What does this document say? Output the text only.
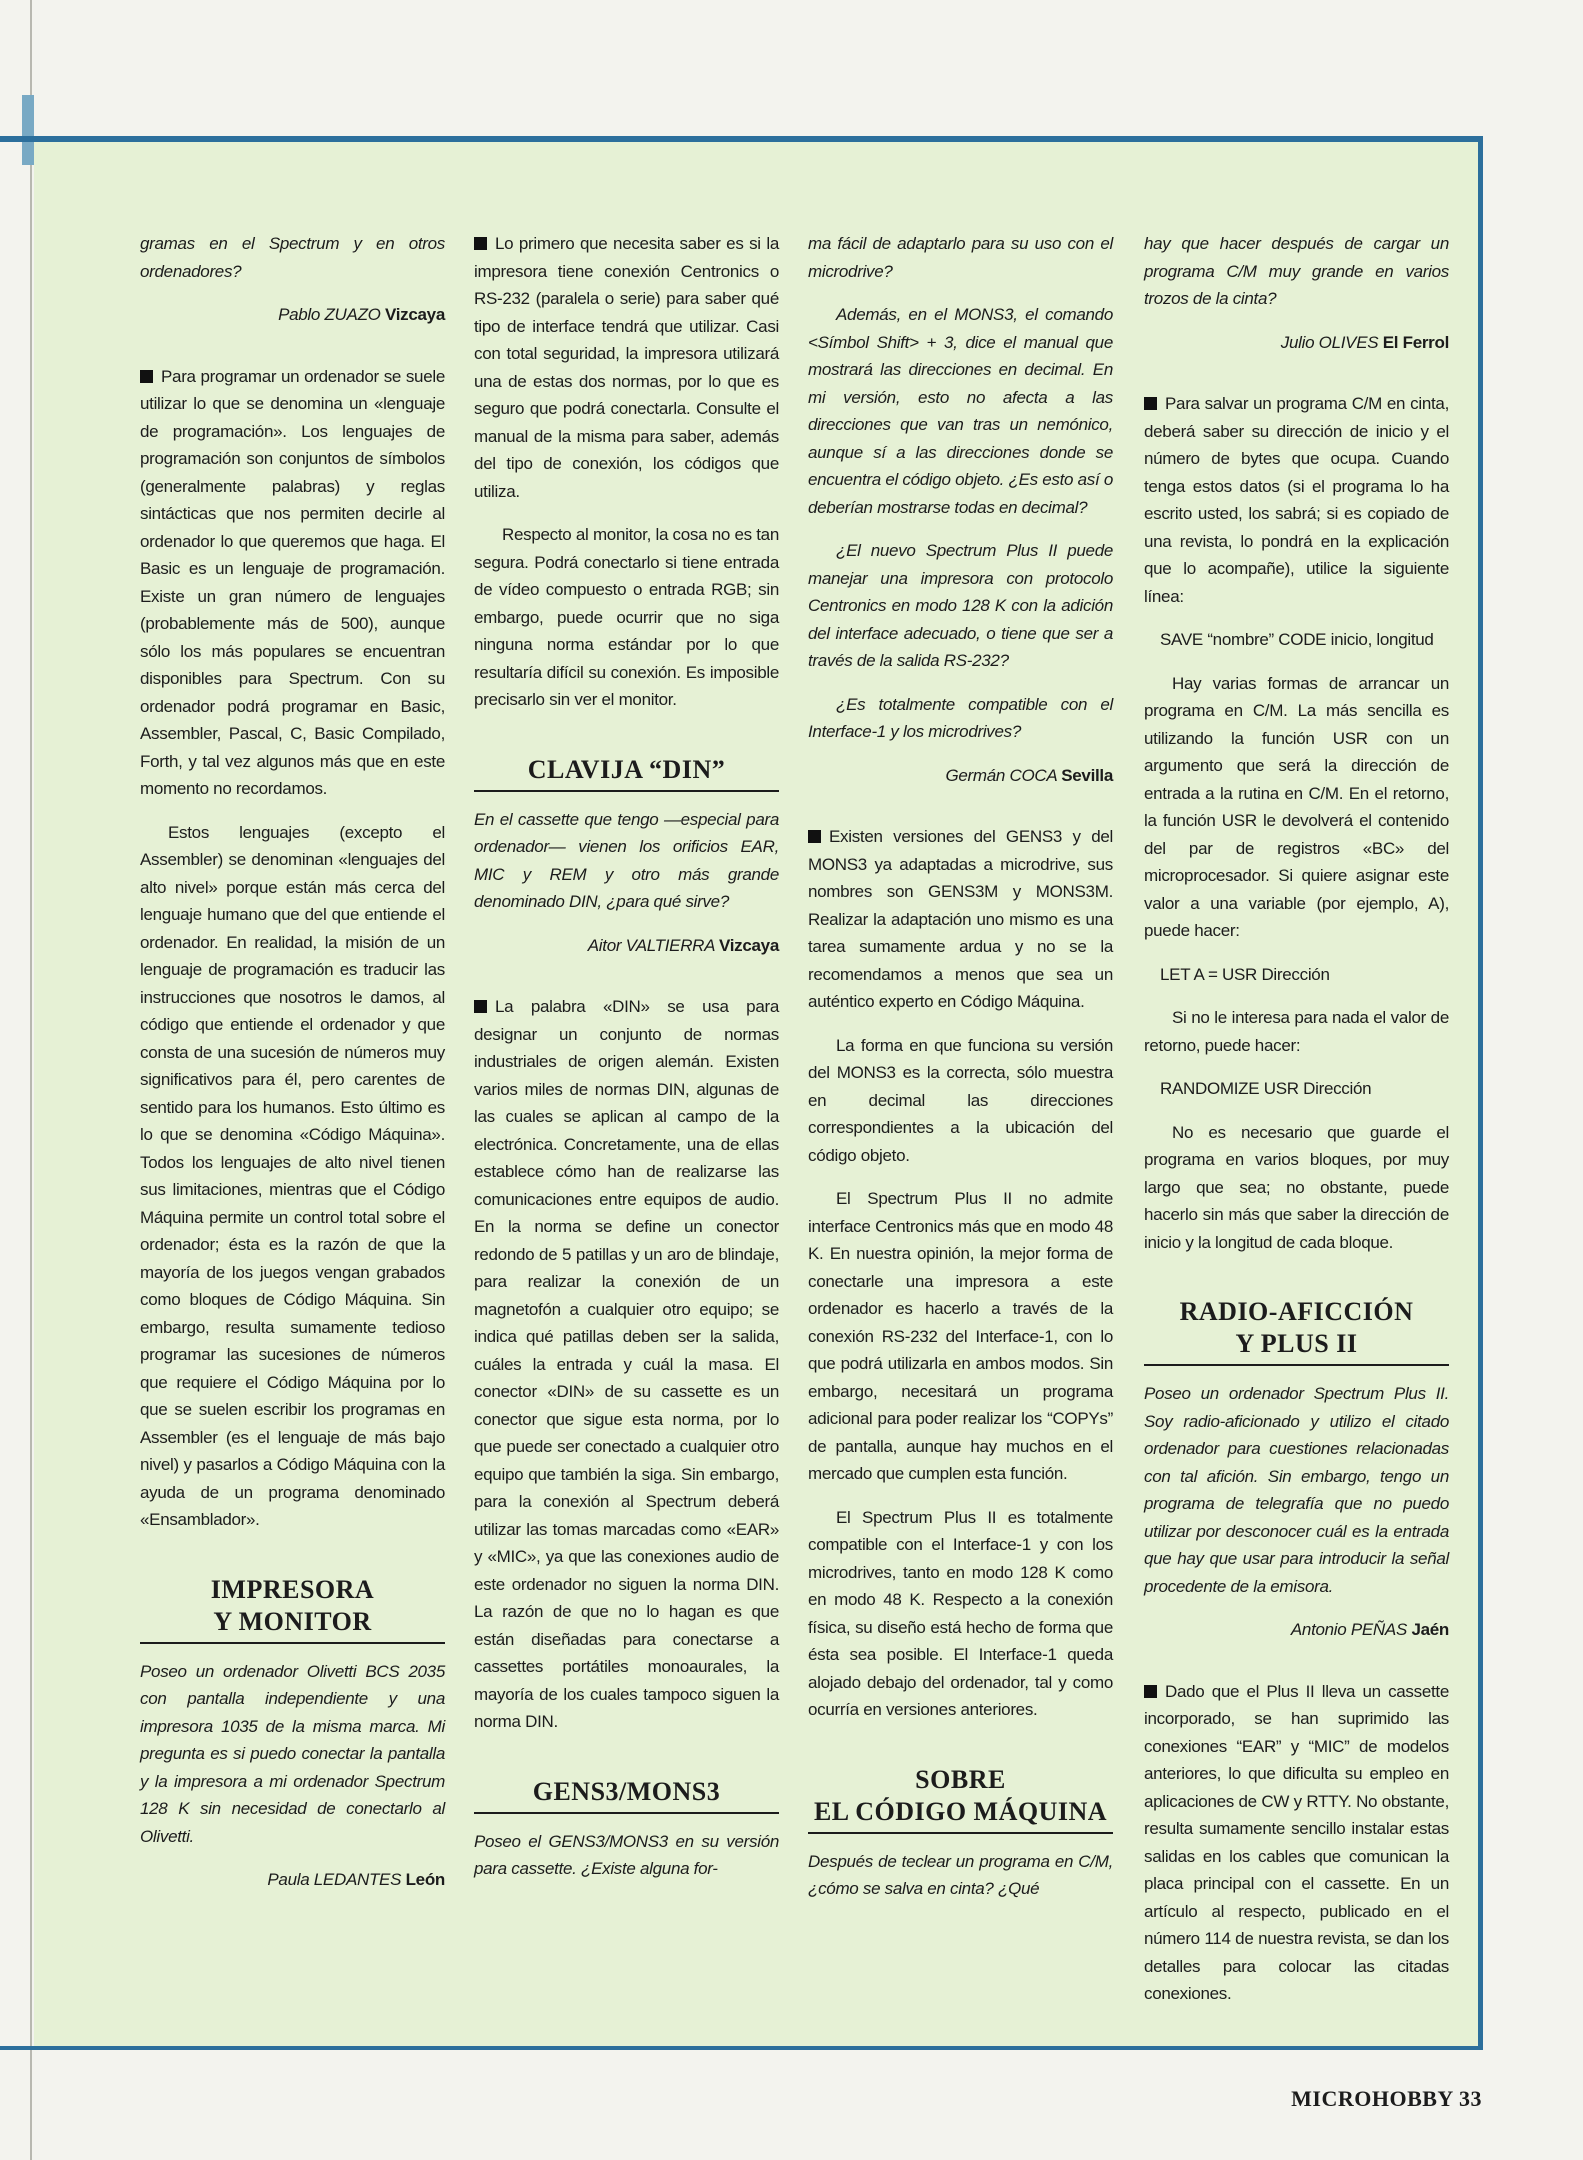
gramas en el Spectrum y en otros ordenadores?

Pablo ZUAZO Vizcaya

Para programar un ordenador se suele utilizar lo que se denomina un «lenguaje de programación». Los lenguajes de programación son conjuntos de símbolos (generalmente palabras) y reglas sintácticas que nos permiten decirle al ordenador lo que queremos que haga. El Basic es un lenguaje de programación. Existe un gran número de lenguajes (probablemente más de 500), aunque sólo los más populares se encuentran disponibles para Spectrum. Con su ordenador podrá programar en Basic, Assembler, Pascal, C, Basic Compilado, Forth, y tal vez algunos más que en este momento no recordamos.

Estos lenguajes (excepto el Assembler) se denominan «lenguajes del alto nivel» porque están más cerca del lenguaje humano que del que entiende el ordenador. En realidad, la misión de un lenguaje de programación es traducir las instrucciones que nosotros le damos, al código que entiende el ordenador y que consta de una sucesión de números muy significativos para él, pero carentes de sentido para los humanos. Esto último es lo que se denomina «Código Máquina». Todos los lenguajes de alto nivel tienen sus limitaciones, mientras que el Código Máquina permite un control total sobre el ordenador; ésta es la razón de que la mayoría de los juegos vengan grabados como bloques de Código Máquina. Sin embargo, resulta sumamente tedioso programar las sucesiones de números que requiere el Código Máquina por lo que se suelen escribir los programas en Assembler (es el lenguaje de más bajo nivel) y pasarlos a Código Máquina con la ayuda de un programa denominado «Ensamblador».

IMPRESORA
Y MONITOR

Poseo un ordenador Olivetti BCS 2035 con pantalla independiente y una impresora 1035 de la misma marca. Mi pregunta es si puedo conectar la pantalla y la impresora a mi ordenador Spectrum 128 K sin necesidad de conectarlo al Olivetti.

Paula LEDANTES León

Lo primero que necesita saber es si la impresora tiene conexión Centronics o RS-232 (paralela o serie) para saber qué tipo de interface tendrá que utilizar. Casi con total seguridad, la impresora utilizará una de estas dos normas, por lo que es seguro que podrá conectarla. Consulte el manual de la misma para saber, además del tipo de conexión, los códigos que utiliza.

Respecto al monitor, la cosa no es tan segura. Podrá conectarlo si tiene entrada de vídeo compuesto o entrada RGB; sin embargo, puede ocurrir que no siga ninguna norma estándar por lo que resultaría difícil su conexión. Es imposible precisarlo sin ver el monitor.

CLAVIJA “DIN”

En el cassette que tengo —especial para ordenador— vienen los orificios EAR, MIC y REM y otro más grande denominado DIN, ¿para qué sirve?

Aitor VALTIERRA Vizcaya

La palabra «DIN» se usa para designar un conjunto de normas industriales de origen alemán. Existen varios miles de normas DIN, algunas de las cuales se aplican al campo de la electrónica. Concretamente, una de ellas establece cómo han de realizarse las comunicaciones entre equipos de audio. En la norma se define un conector redondo de 5 patillas y un aro de blindaje, para realizar la conexión de un magnetofón a cualquier otro equipo; se indica qué patillas deben ser la salida, cuáles la entrada y cuál la masa. El conector «DIN» de su cassette es un conector que sigue esta norma, por lo que puede ser conectado a cualquier otro equipo que también la siga. Sin embargo, para la conexión al Spectrum deberá utilizar las tomas marcadas como «EAR» y «MIC», ya que las conexiones audio de este ordenador no siguen la norma DIN. La razón de que no lo hagan es que están diseñadas para conectarse a cassettes portátiles monoaurales, la mayoría de los cuales tampoco siguen la norma DIN.

GENS3/MONS3

Poseo el GENS3/MONS3 en su versión para cassette. ¿Existe alguna for-

ma fácil de adaptarlo para su uso con el microdrive?

Además, en el MONS3, el comando <Símbol Shift> + 3, dice el manual que mostrará las direcciones en decimal. En mi versión, esto no afecta a las direcciones que van tras un nemónico, aunque sí a las direcciones donde se encuentra el código objeto. ¿Es esto así o deberían mostrarse todas en decimal?

¿El nuevo Spectrum Plus II puede manejar una impresora con protocolo Centronics en modo 128 K con la adición del interface adecuado, o tiene que ser a través de la salida RS-232?

¿Es totalmente compatible con el Interface-1 y los microdrives?

Germán COCA Sevilla

Existen versiones del GENS3 y del MONS3 ya adaptadas a microdrive, sus nombres son GENS3M y MONS3M. Realizar la adaptación uno mismo es una tarea sumamente ardua y no se la recomendamos a menos que sea un auténtico experto en Código Máquina.

La forma en que funciona su versión del MONS3 es la correcta, sólo muestra en decimal las direcciones correspondientes a la ubicación del código objeto.

El Spectrum Plus II no admite interface Centronics más que en modo 48 K. En nuestra opinión, la mejor forma de conectarle una impresora a este ordenador es hacerlo a través de la conexión RS-232 del Interface-1, con lo que podrá utilizarla en ambos modos. Sin embargo, necesitará un programa adicional para poder realizar los “COPYs” de pantalla, aunque hay muchos en el mercado que cumplen esta función.

El Spectrum Plus II es totalmente compatible con el Interface-1 y con los microdrives, tanto en modo 128 K como en modo 48 K. Respecto a la conexión física, su diseño está hecho de forma que ésta sea posible. El Interface-1 queda alojado debajo del ordenador, tal y como ocurría en versiones anteriores.

SOBRE
EL CÓDIGO MÁQUINA

Después de teclear un programa en C/M, ¿cómo se salva en cinta? ¿Qué

hay que hacer después de cargar un programa C/M muy grande en varios trozos de la cinta?

Julio OLIVES El Ferrol

Para salvar un programa C/M en cinta, deberá saber su dirección de inicio y el número de bytes que ocupa. Cuando tenga estos datos (si el programa lo ha escrito usted, los sabrá; si es copiado de una revista, lo pondrá en la explicación que lo acompañe), utilice la siguiente línea:

SAVE “nombre” CODE inicio, longitud

Hay varias formas de arrancar un programa en C/M. La más sencilla es utilizando la función USR con un argumento que será la dirección de entrada a la rutina en C/M. En el retorno, la función USR le devolverá el contenido del par de registros «BC» del microprocesador. Si quiere asignar este valor a una variable (por ejemplo, A), puede hacer:

LET A = USR Dirección

Si no le interesa para nada el valor de retorno, puede hacer:

RANDOMIZE USR Dirección

No es necesario que guarde el programa en varios bloques, por muy largo que sea; no obstante, puede hacerlo sin más que saber la dirección de inicio y la longitud de cada bloque.

RADIO-AFICCIÓN
Y PLUS II

Poseo un ordenador Spectrum Plus II. Soy radio-aficionado y utilizo el citado ordenador para cuestiones relacionadas con tal afición. Sin embargo, tengo un programa de telegrafía que no puedo utilizar por desconocer cuál es la entrada que hay que usar para introducir la señal procedente de la emisora.

Antonio PEÑAS Jaén

Dado que el Plus II lleva un cassette incorporado, se han suprimido las conexiones “EAR” y “MIC” de modelos anteriores, lo que dificulta su empleo en aplicaciones de CW y RTTY. No obstante, resulta sumamente sencillo instalar estas salidas en los cables que comunican la placa principal con el cassette. En un artículo al respecto, publicado en el número 114 de nuestra revista, se dan los detalles para colocar las citadas conexiones.

MICROHOBBY 33
